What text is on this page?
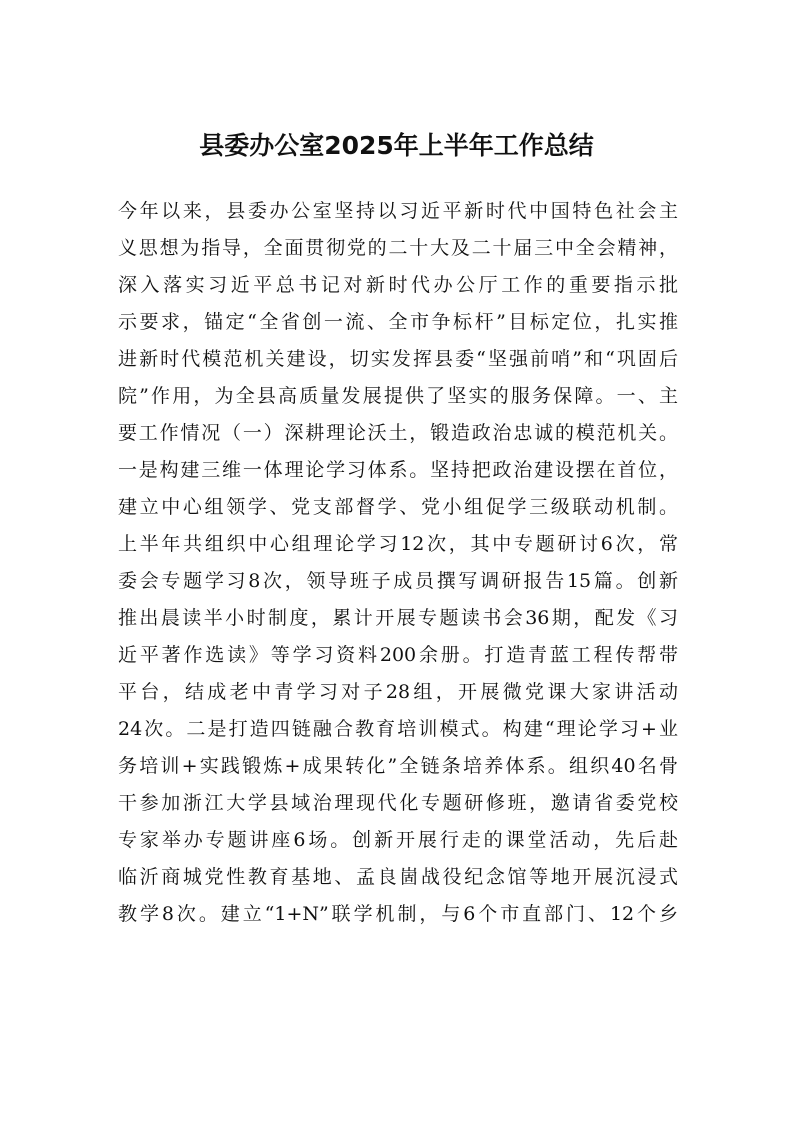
县委办公室2025年上半年工作总结
今年以来，县委办公室坚持以习近平新时代中国特色社会主
义思想为指导，全面贯彻党的二十大及二十届三中全会精神，
深入落实习近平总书记对新时代办公厅工作的重要指示批
示要求，锚定“全省创一流、全市争标杆”目标定位，扎实推
进新时代模范机关建设，切实发挥县委“坚强前哨”和“巩固后
院”作用，为全县高质量发展提供了坚实的服务保障。一、主
要工作情况（一）深耕理论沃土，锻造政治忠诚的模范机关。
一是构建三维一体理论学习体系。坚持把政治建设摆在首位，
建立中心组领学、党支部督学、党小组促学三级联动机制。
上半年共组织中心组理论学习12次，其中专题研讨6次，常
委会专题学习8次，领导班子成员撰写调研报告15篇。创新
推出晨读半小时制度，累计开展专题读书会36期，配发《习
近平著作选读》等学习资料200余册。打造青蓝工程传帮带
平台，结成老中青学习对子28组，开展微党课大家讲活动
24次。二是打造四链融合教育培训模式。构建“理论学习+业
务培训+实践锻炼+成果转化”全链条培养体系。组织40名骨
干参加浙江大学县域治理现代化专题研修班，邀请省委党校
专家举办专题讲座6场。创新开展行走的课堂活动，先后赴
临沂商城党性教育基地、孟良崮战役纪念馆等地开展沉浸式
教学8次。建立“1+N”联学机制，与6个市直部门、12个乡
